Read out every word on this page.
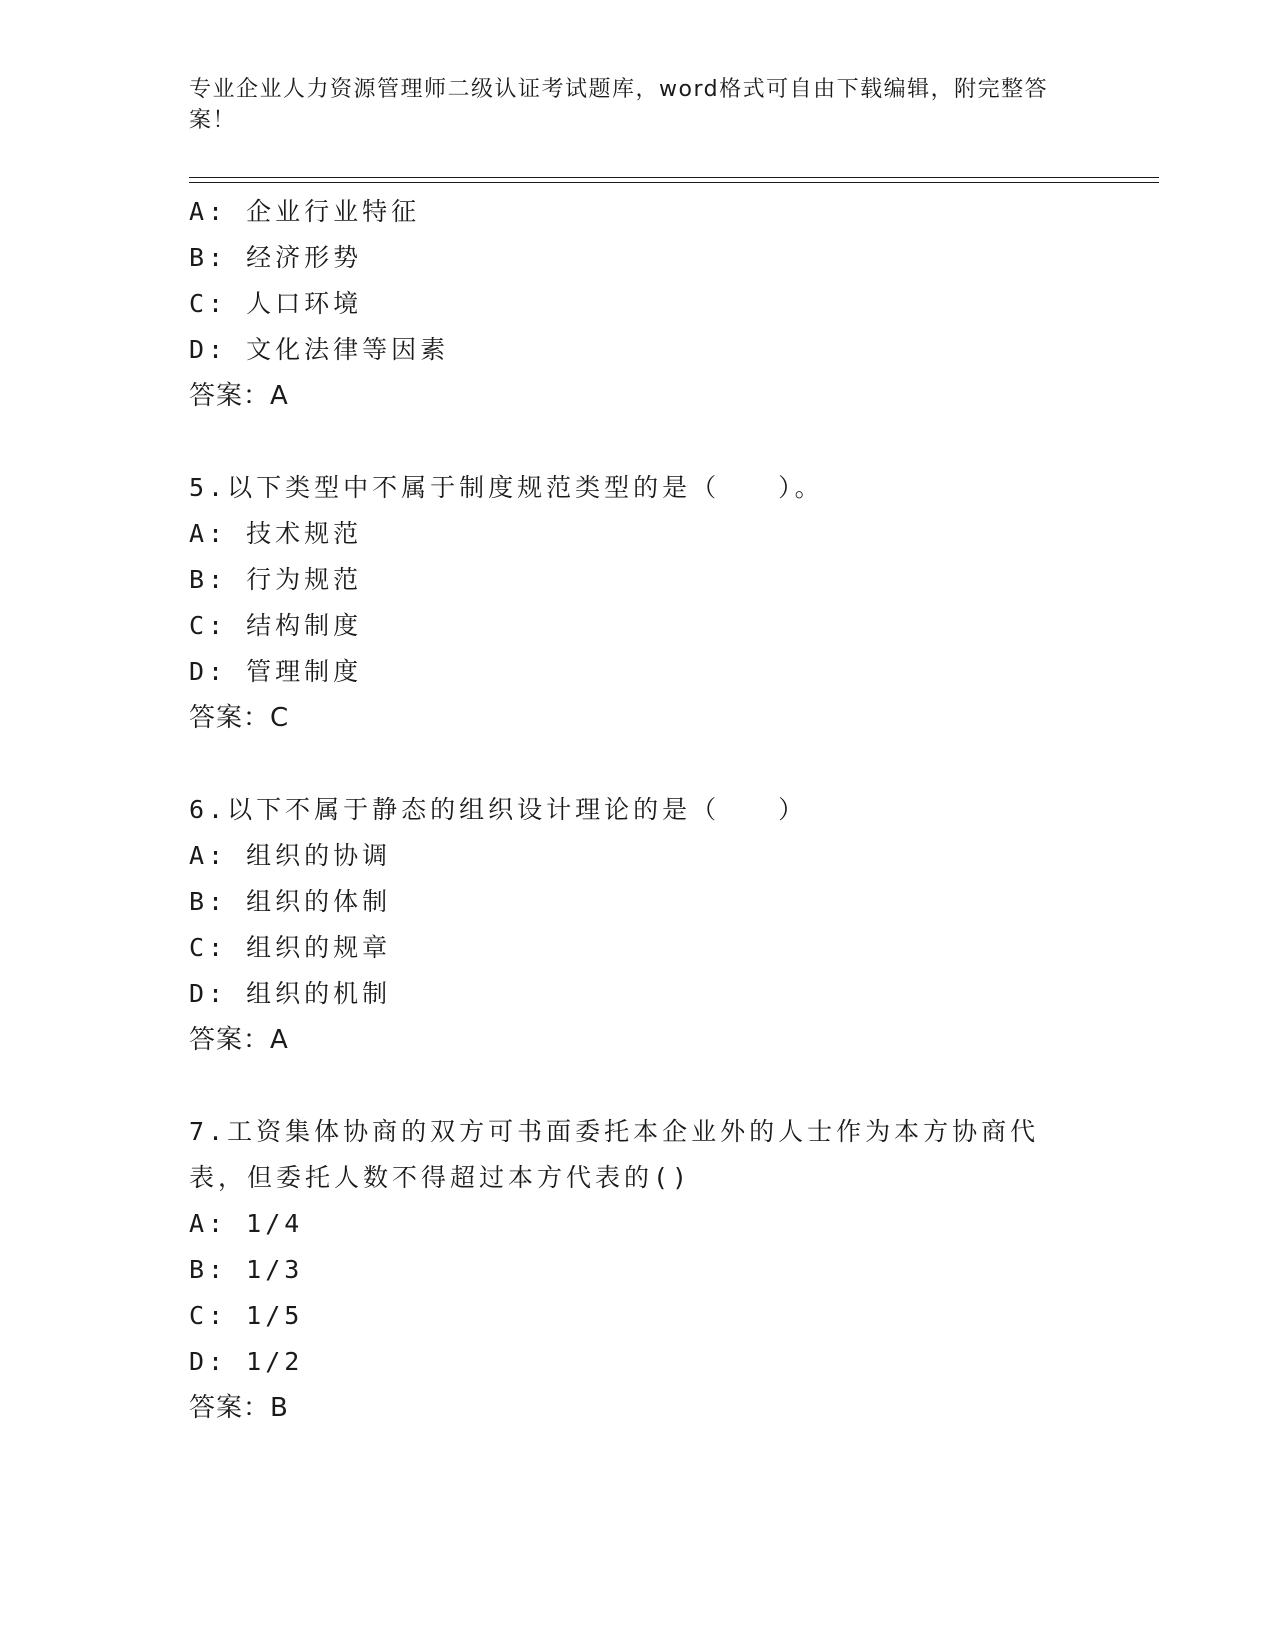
专业企业人力资源管理师二级认证考试题库，word格式可自由下载编辑，附完整答案！
A: 企业行业特征
B: 经济形势
C: 人口环境
D: 文化法律等因素
答案：A
5.以下类型中不属于制度规范类型的是（　　）。
A: 技术规范
B: 行为规范
C: 结构制度
D: 管理制度
答案：C
6.以下不属于静态的组织设计理论的是（　　）
A: 组织的协调
B: 组织的体制
C: 组织的规章
D: 组织的机制
答案：A
7.工资集体协商的双方可书面委托本企业外的人士作为本方协商代表，但委托人数不得超过本方代表的()
A: 1/4
B: 1/3
C: 1/5
D: 1/2
答案：B
